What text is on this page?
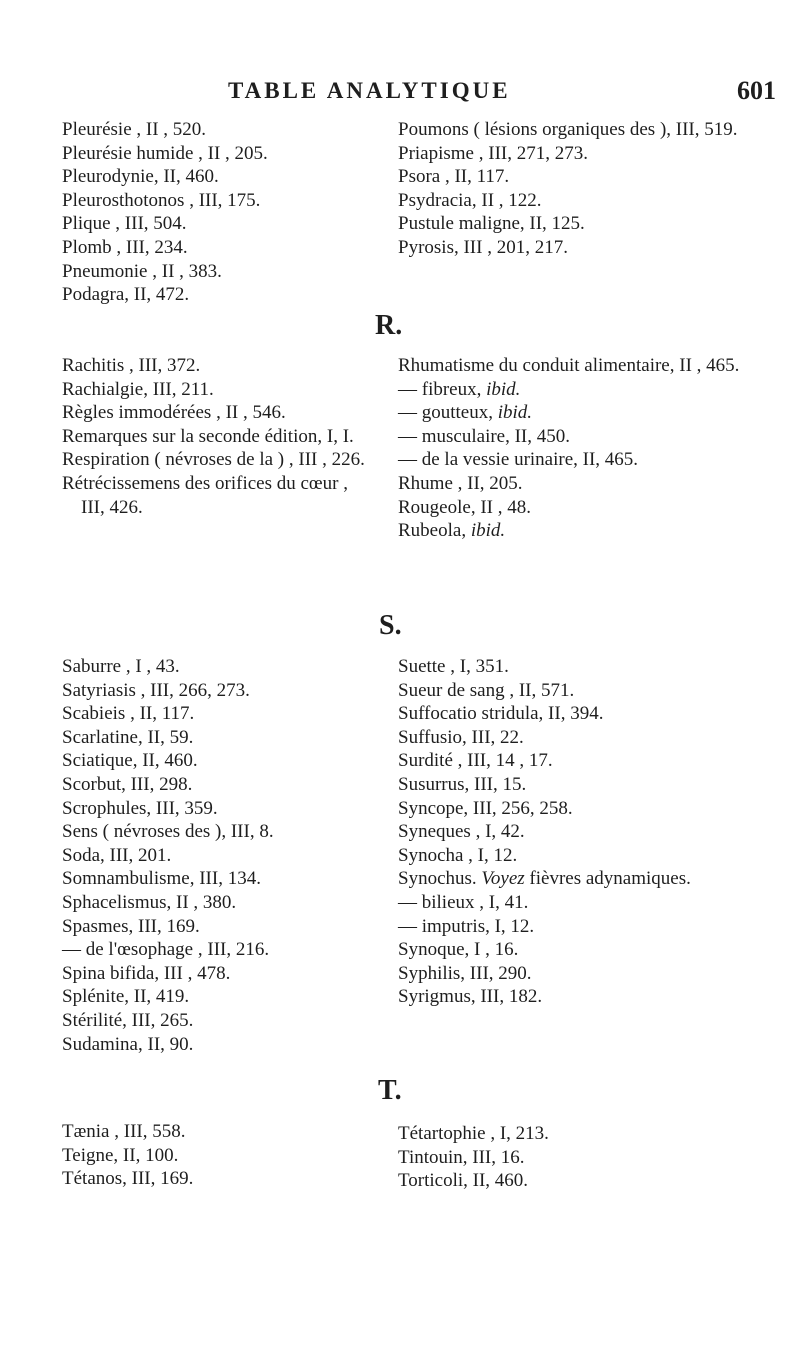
TABLE ANALYTIQUE	601
Pleurésie , II , 520.
Pleurésie humide , II , 205.
Pleurodynie, II, 460.
Pleurosthotonos , III, 175.
Plique , III, 504.
Plomb , III, 234.
Pneumonie , II , 383.
Podagra, II, 472.
Poumons ( lésions organiques des ), III, 519.
Priapisme , III, 271, 273.
Psora , II, 117.
Psydracia, II , 122.
Pustule maligne, II, 125.
Pyrosis, III , 201, 217.
R.
Rachitis , III, 372.
Rachialgie, III, 211.
Règles immodérées , II , 546.
Remarques sur la seconde édition, I, I.
Respiration ( névroses de la ) , III , 226.
Rétrécissemens des orifices du cœur , III, 426.
Rhumatisme du conduit alimentaire, II , 465.
— fibreux, ibid.
— goutteux, ibid.
— musculaire, II, 450.
— de la vessie urinaire, II, 465.
Rhume , II, 205.
Rougeole, II , 48.
Rubeola, ibid.
S.
Saburre , I , 43.
Satyriasis , III, 266, 273.
Scabieis , II, 117.
Scarlatine, II, 59.
Sciatique, II, 460.
Scorbut, III, 298.
Scrophules, III, 359.
Sens ( névroses des ), III, 8.
Soda, III, 201.
Somnambulisme, III, 134.
Sphacelismus, II , 380.
Spasmes, III, 169.
— de l'œsophage , III, 216.
Spina bifida, III , 478.
Splénite, II, 419.
Stérilité, III, 265.
Sudamina, II, 90.
Suette , I, 351.
Sueur de sang , II, 571.
Suffocatio stridula, II, 394.
Suffusio, III, 22.
Surdité , III, 14 , 17.
Susurrus, III, 15.
Syncope, III, 256, 258.
Syneques , I, 42.
Synocha , I, 12.
Synochus. Voyez fièvres adynamiques.
— bilieux , I, 41.
— imputris, I, 12.
Synoque, I , 16.
Syphilis, III, 290.
Syrigmus, III, 182.
T.
Tænia , III, 558.
Teigne, II, 100.
Tétanos, III, 169.
Tétartophie , I, 213.
Tintouin, III, 16.
Torticoli, II, 460.
